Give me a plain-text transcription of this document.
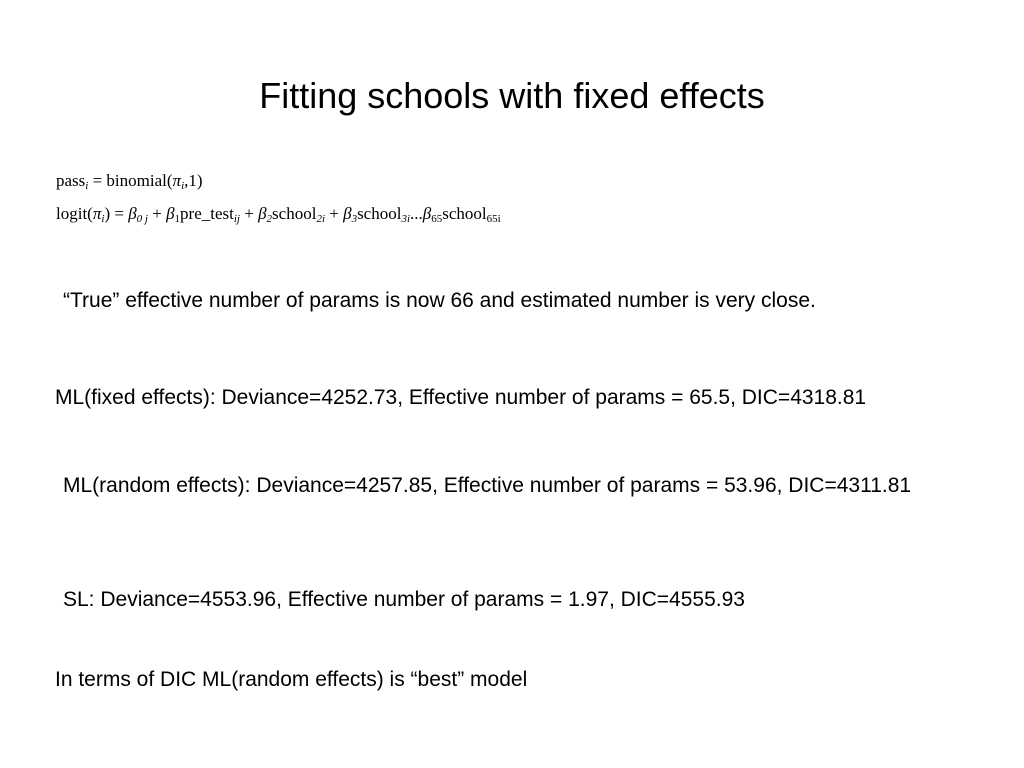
Fitting schools with fixed effects
pass$_i$ = $binomial(\pi_i,1)$
$logit(\pi_i) = \beta_{0 j}$ + $\beta_1pre\_test_{ij}$ + $\beta_2school_{2i}$ + $\beta_3school_{3i}...\beta_{65}school_{65i}$
“True” effective number of params is now 66 and estimated number is very close.
ML(fixed effects): Deviance=4252.73, Effective number of params = 65.5, DIC=4318.81
ML(random effects): Deviance=4257.85, Effective number of params = 53.96, DIC=4311.81
SL: Deviance=4553.96, Effective number of params = 1.97, DIC=4555.93
In terms of DIC ML(random effects) is “best” model
